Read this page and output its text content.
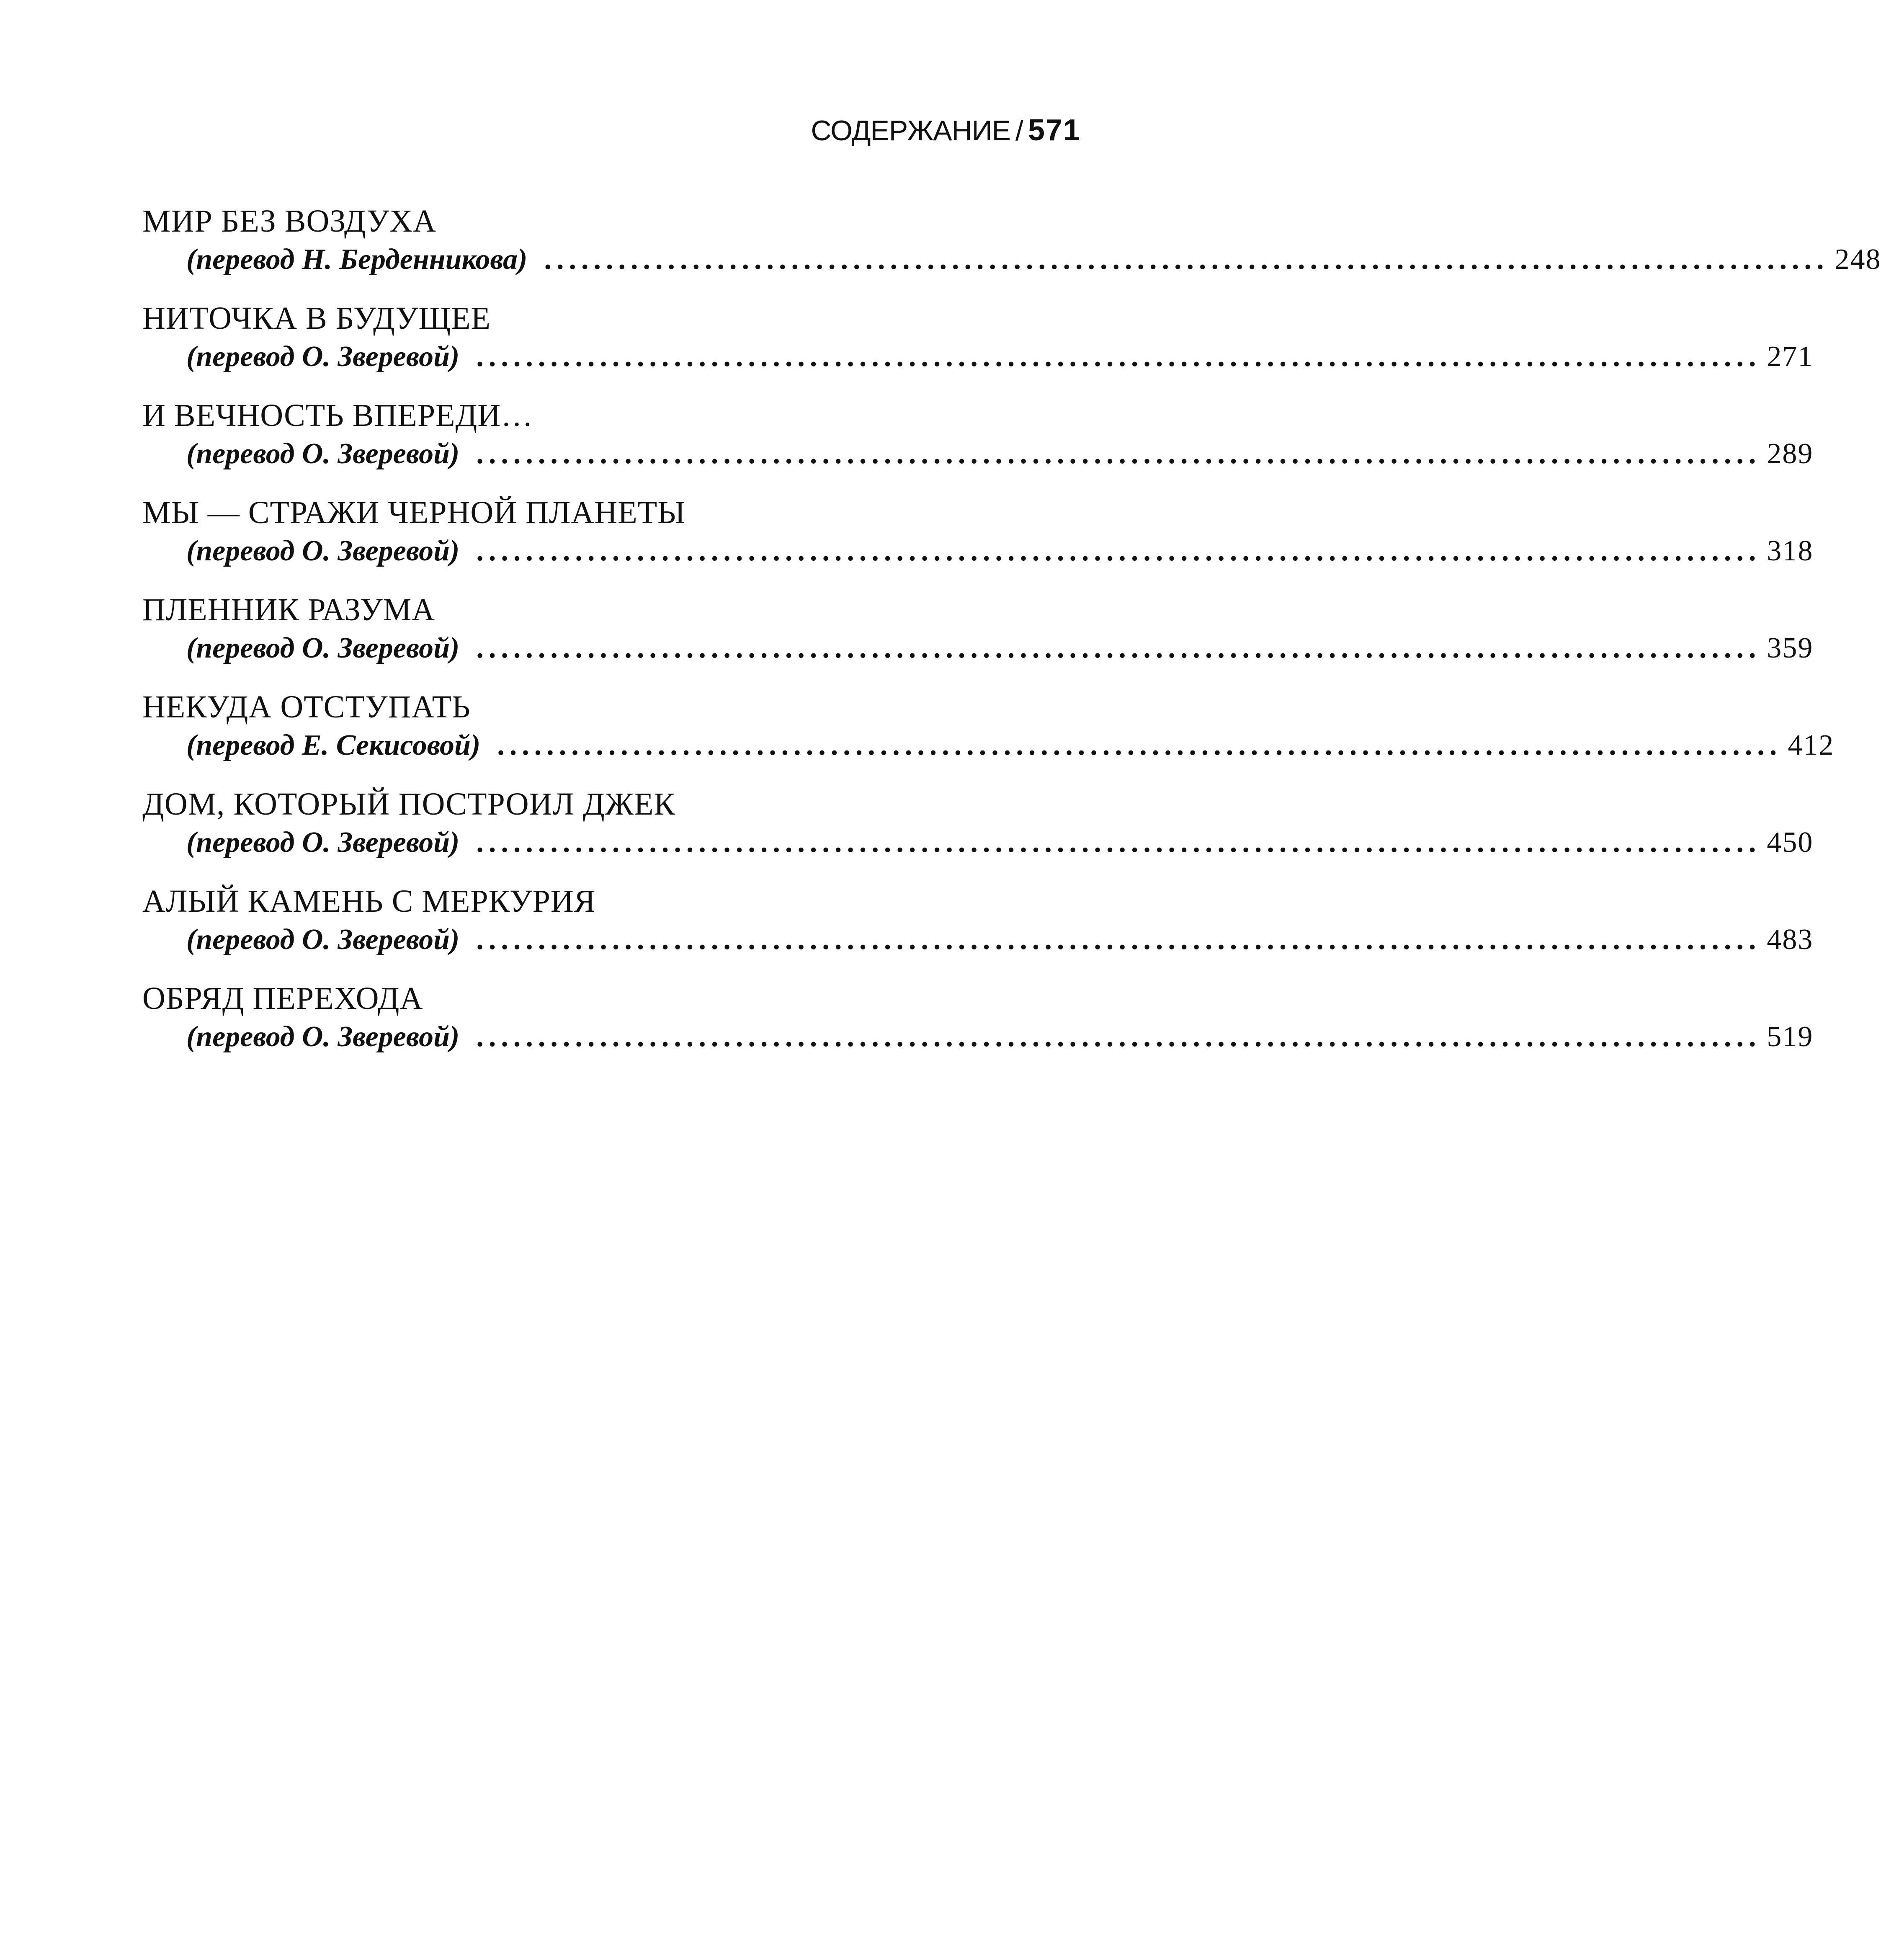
СОДЕРЖАНИЕ / 571
МИР БЕЗ ВОЗДУХА
(перевод Н. Берденникова) ........................................................................................................ 248
НИТОЧКА В БУДУЩЕЕ
(перевод О. Зверевой) ........................................................................................................ 271
И ВЕЧНОСТЬ ВПЕРЕДИ…
(перевод О. Зверевой) ........................................................................................................ 289
МЫ — СТРАЖИ ЧЕРНОЙ ПЛАНЕТЫ
(перевод О. Зверевой) ........................................................................................................ 318
ПЛЕННИК РАЗУМА
(перевод О. Зверевой) ........................................................................................................ 359
НЕКУДА ОТСТУПАТЬ
(перевод Е. Секисовой) ........................................................................................................ 412
ДОМ, КОТОРЫЙ ПОСТРОИЛ ДЖЕК
(перевод О. Зверевой) ........................................................................................................ 450
АЛЫЙ КАМЕНЬ С МЕРКУРИЯ
(перевод О. Зверевой) ........................................................................................................ 483
ОБРЯД ПЕРЕХОДА
(перевод О. Зверевой) ........................................................................................................ 519
